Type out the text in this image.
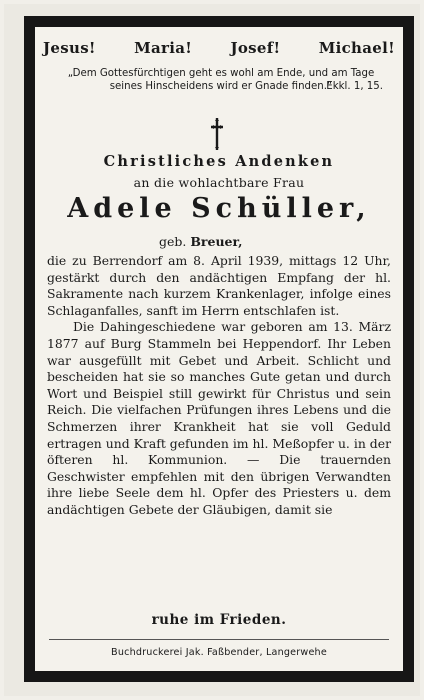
Jesus!	Maria!	Josef!	Michael!
„Dem Gottesfürchtigen geht es wohl am Ende, und am Tage seines Hinscheidens wird er Gnade finden.“
Ekkl. 1, 15.
Christliches Andenken
an die wohlachtbare Frau
Adele Schüller,
geb. Breuer,

die zu Berrendorf am 8. April 1939, mittags 12 Uhr, gestärkt durch den andächtigen Empfang der hl. Sakramente nach kurzem Krankenlager, infolge eines Schlaganfalles, sanft im Herrn entschlafen ist.

Die Dahingeschiedene war geboren am 13. März 1877 auf Burg Stammeln bei Heppendorf. Ihr Leben war ausgefüllt mit Gebet und Arbeit. Schlicht und bescheiden hat sie so manches Gute getan und durch Wort und Beispiel still gewirkt für Christus und sein Reich. Die vielfachen Prüfungen ihres Lebens und die Schmerzen ihrer Krankheit hat sie voll Geduld ertragen und Kraft gefunden im hl. Meßopfer u. in der öfteren hl. Kommunion. — Die trauernden Geschwister empfehlen mit den übrigen Verwandten ihre liebe Seele dem hl. Opfer des Priesters u. dem andächtigen Gebete der Gläubigen, damit sie

ruhe im Frieden.
Buchdruckerei Jak. Faßbender, Langerwehe
